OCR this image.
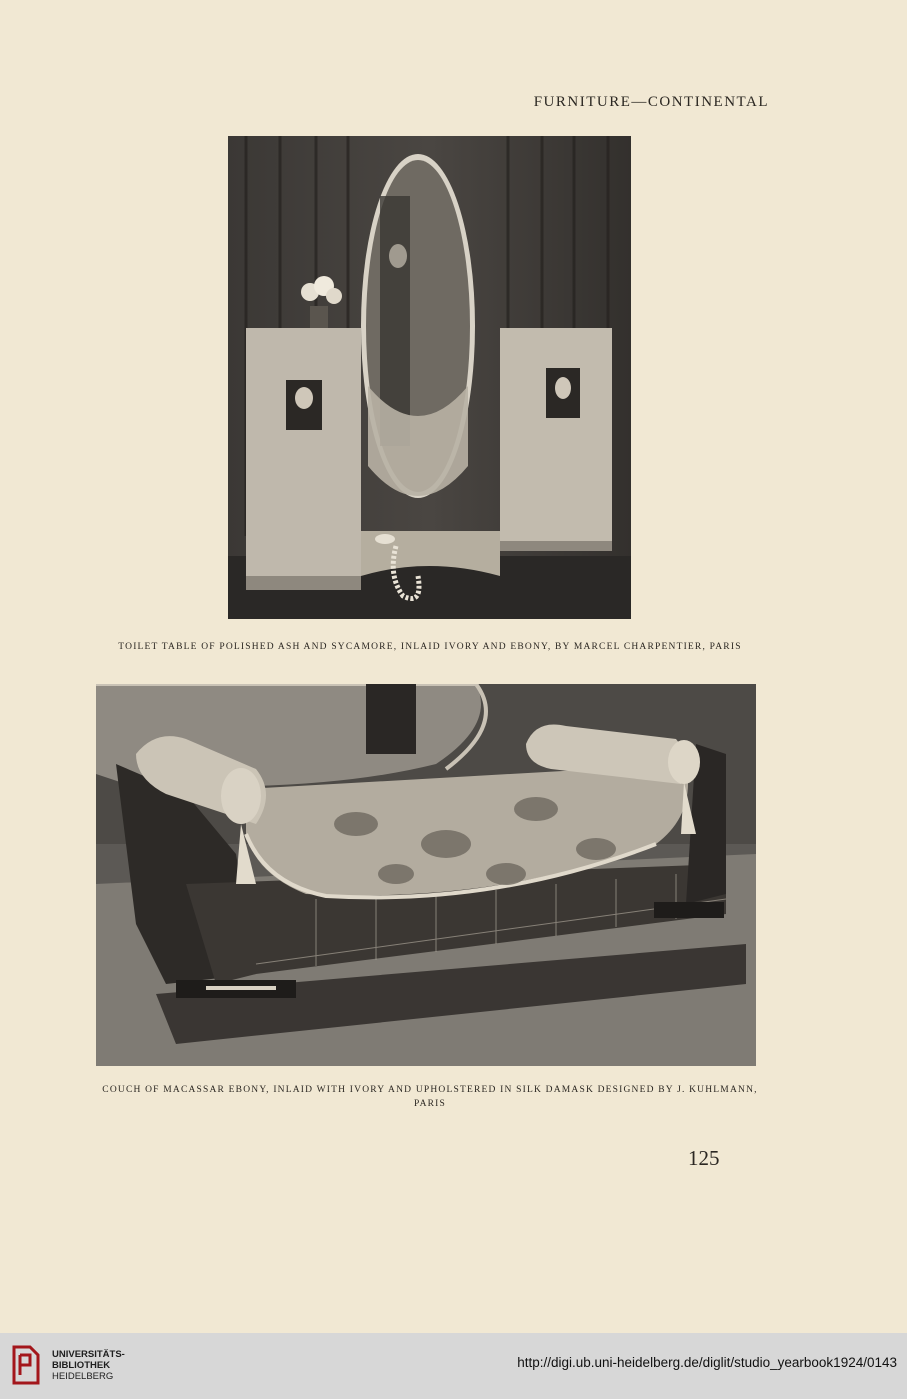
FURNITURE—CONTINENTAL
TOILET TABLE OF POLISHED ASH AND SYCAMORE, INLAID IVORY AND EBONY, BY MARCEL CHARPENTIER, PARIS
COUCH OF MACASSAR EBONY, INLAID WITH IVORY AND UPHOLSTERED IN SILK DAMASK DESIGNED BY J. KUHLMANN,
PARIS
125
UNIVERSITÄTS-
BIBLIOTHEK
HEIDELBERG
http://digi.ub.uni-heidelberg.de/diglit/studio_yearbook1924/0143
